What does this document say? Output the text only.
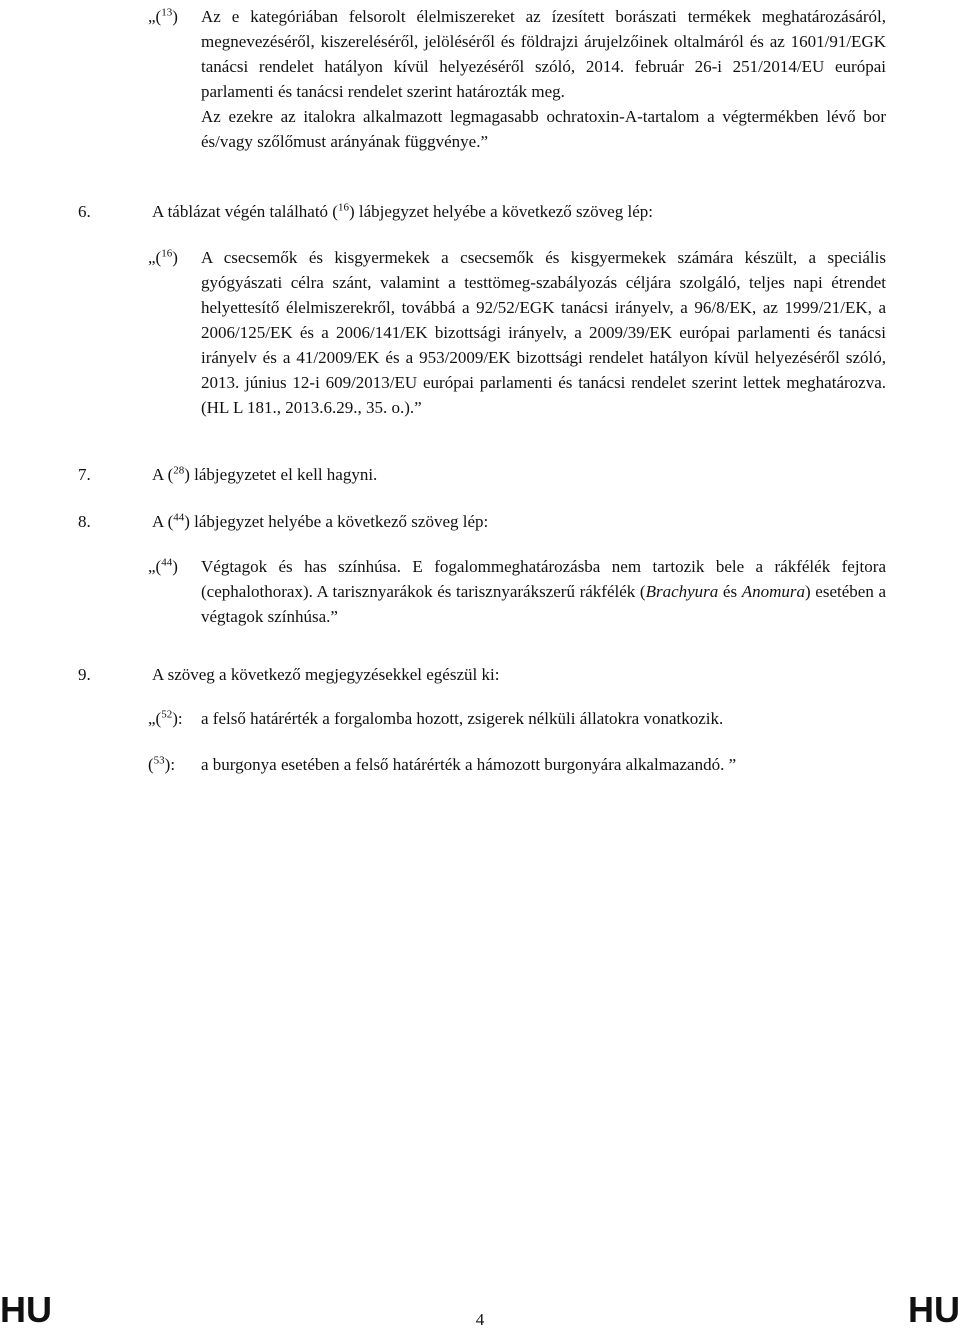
„($^{13}$)	Az e kategóriában felsorolt élelmiszereket az ízesített borászati termékek meghatározásáról, megnevezéséről, kiszereléséről, jelöléséről és földrajzi árujelzőinek oltalmáról és az 1601/91/EGK tanácsi rendelet hatályon kívül helyezéséről szóló, 2014. február 26-i 251/2014/EU európai parlamenti és tanácsi rendelet szerint határozták meg.

Az ezekre az italokra alkalmazott legmagasabb ochratoxin-A-tartalom a végtermékben lévő bor és/vagy szőlőmust arányának függvénye.”

6.	A táblázat végén található ($^{16}$) lábjegyzet helyébe a következő szöveg lép:
„($^{16}$)	A csecsemők és kisgyermekek a csecsemők és kisgyermekek számára készült, a speciális gyógyászati célra szánt, valamint a testtömeg-szabályozás céljára szolgáló, teljes napi étrendet helyettesítő élelmiszerekről, továbbá a 92/52/EGK tanácsi irányelv, a 96/8/EK, az 1999/21/EK, a 2006/125/EK és a 2006/141/EK bizottsági irányelv, a 2009/39/EK európai parlamenti és tanácsi irányelv és a 41/2009/EK és a 953/2009/EK bizottsági rendelet hatályon kívül helyezéséről szóló, 2013. június 12-i 609/2013/EU európai parlamenti és tanácsi rendelet szerint lettek meghatározva. (HL L 181., 2013.6.29., 35. o.).”

7.	A ($^{28}$) lábjegyzetet el kell hagyni.
8.	A ($^{44}$) lábjegyzet helyébe a következő szöveg lép:
„($^{44}$)	Végtagok és has színhúsa. E fogalommeghatározásba nem tartozik bele a rákfélék fejtora (cephalothorax). A tarisznyarákok és tarisznyarákszerű rákfélék (Brachyura és Anomura) esetében a végtagok színhúsa.”

9.	A szöveg a következő megjegyzésekkel egészül ki:
„($^{52}$):	a felső határérték a forgalomba hozott, zsigerek nélküli állatokra vonatkozik.

($^{53}$):	a burgonya esetében a felső határérték a hámozott burgonyára alkalmazandó. ”

HU	4	HU
